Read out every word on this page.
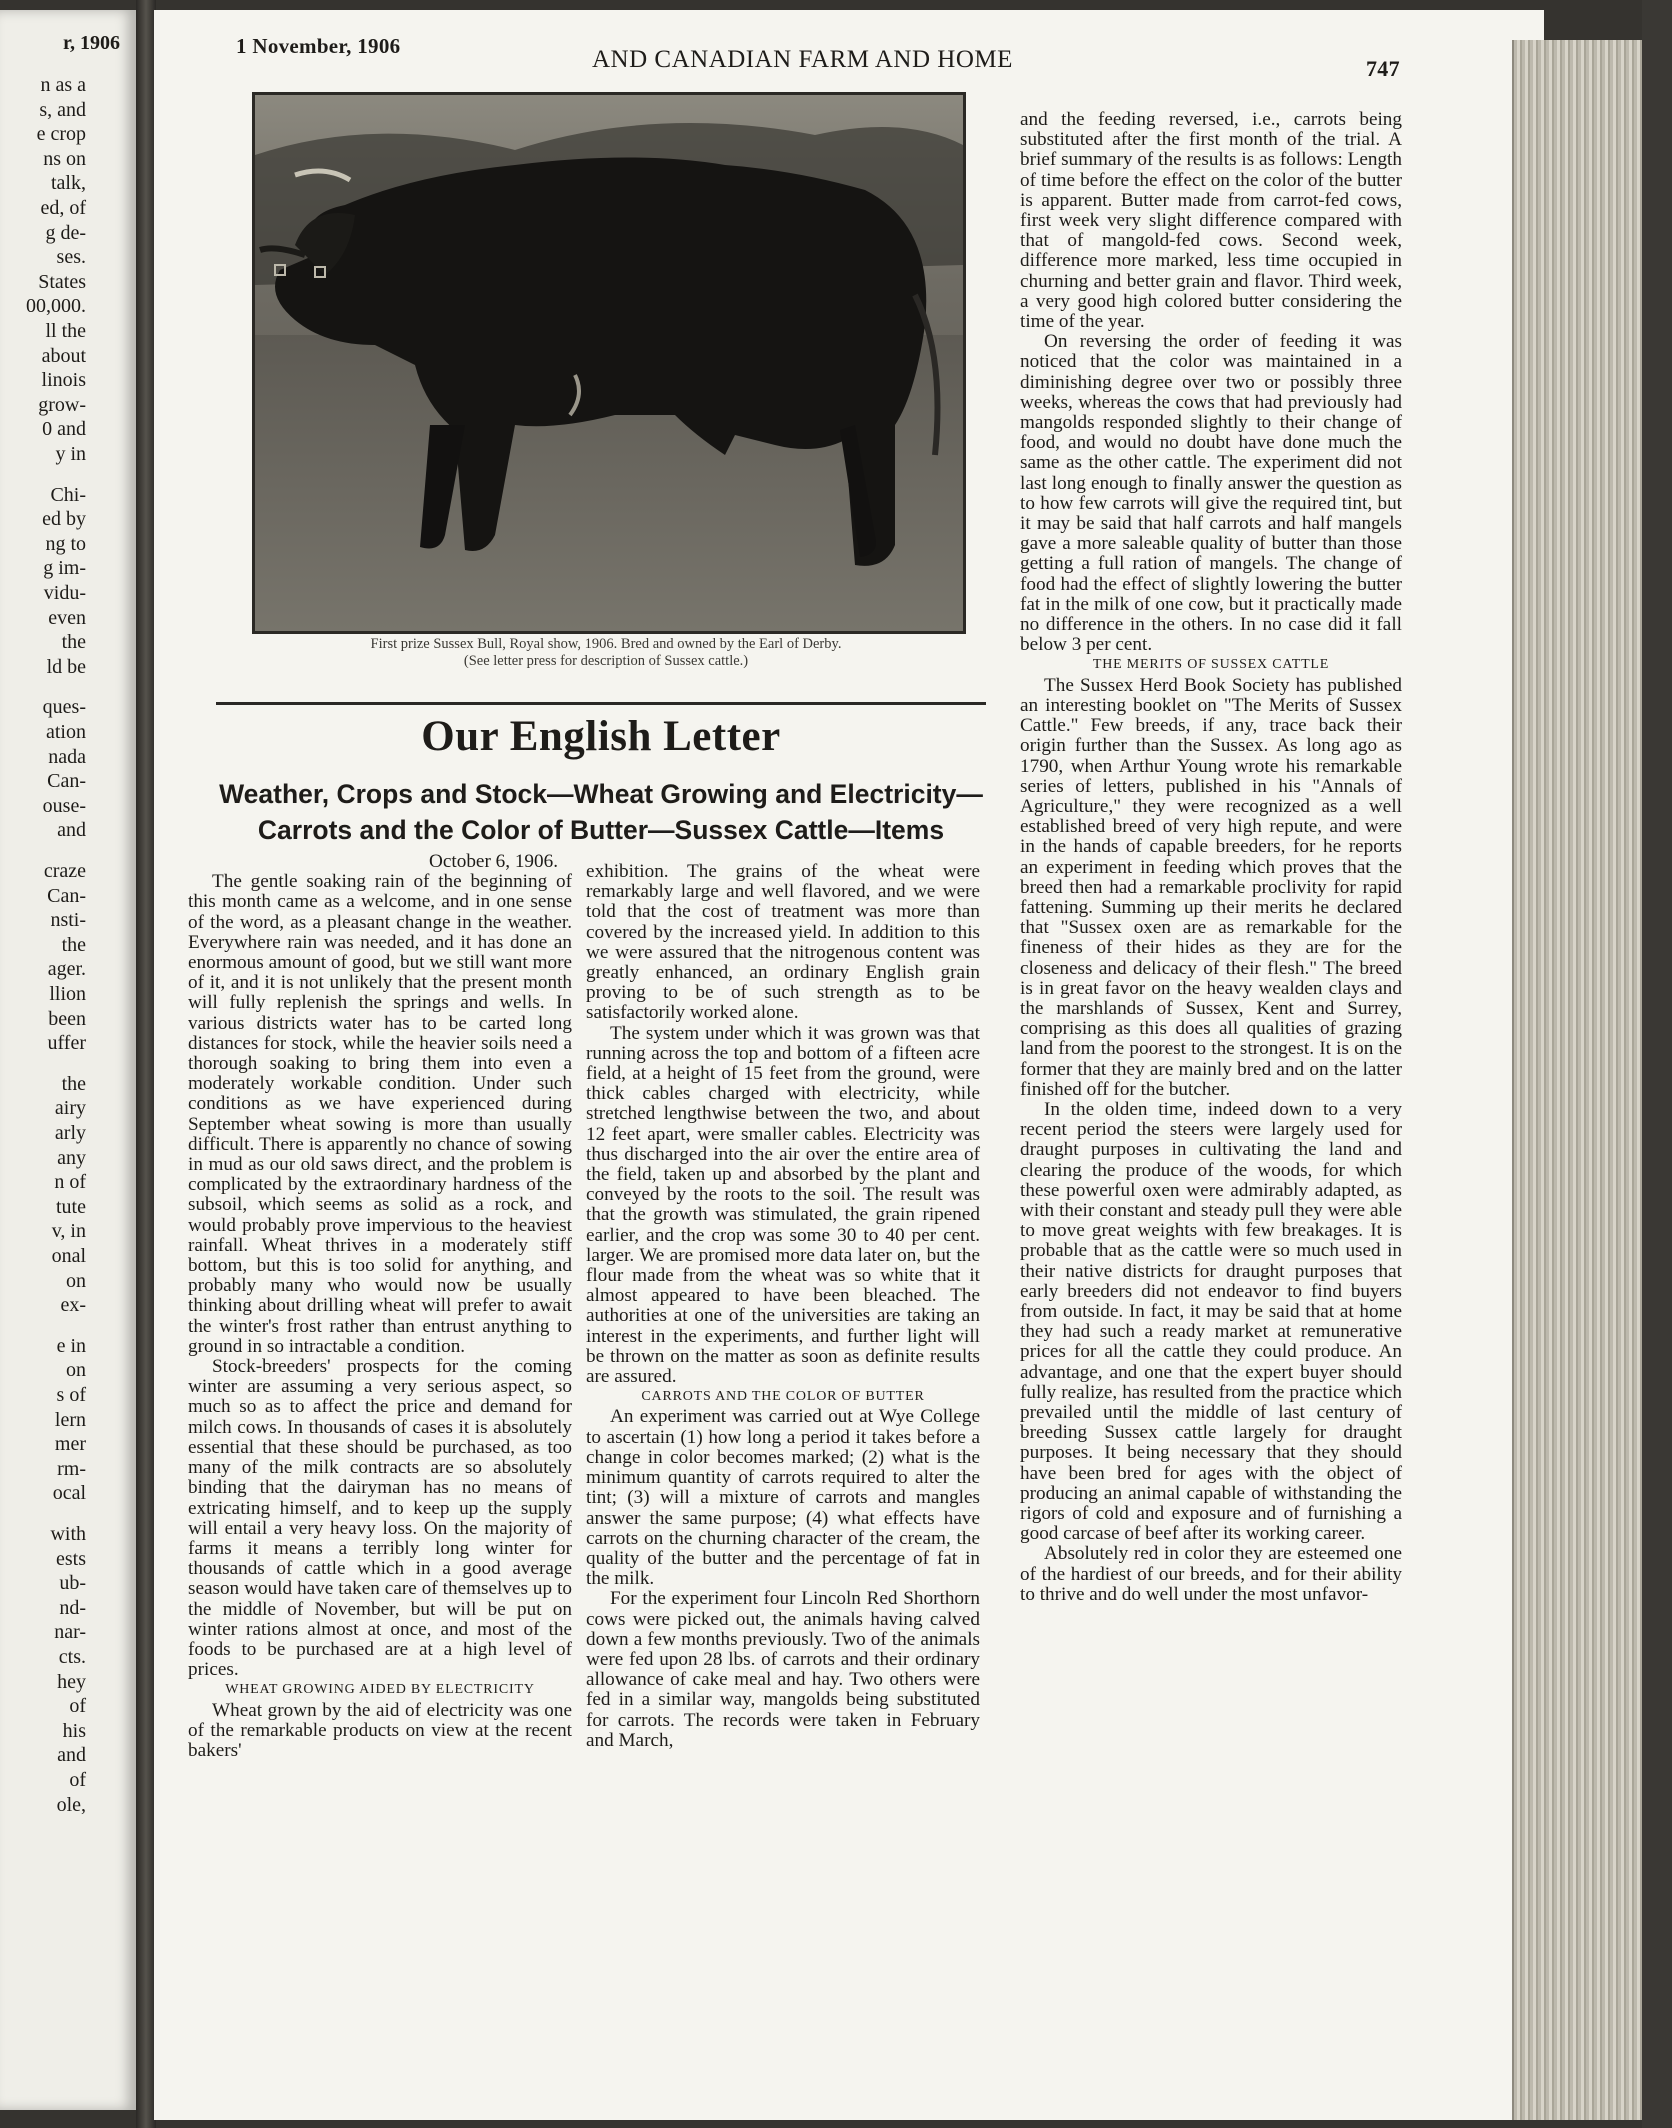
r, 1906
n as a
s, and
e crop
ns on
talk,
ed, of
g de-
ses.
States
00,000.
ll the
about
linois
grow-
0 and
y in
Chi-
ed by
ng to
g im-
vidu-
even
the
ld be
ques-
ation
nada
Can-
ouse-
and
craze
Can-
nsti-
the
ager.
llion
been
uffer
the
airy
arly
any
n of
tute
v, in
onal
on
ex-
e in
on
s of
lern
mer
rm-
ocal
with
ests
ub-
nd-
nar-
cts.
hey
of
his
and
of
ole,
1 November, 1906	AND CANADIAN FARM AND HOME	747
First prize Sussex Bull, Royal show, 1906. Bred and owned by the Earl of Derby.
(See letter press for description of Sussex cattle.)
Our English Letter
Weather, Crops and Stock—Wheat Growing and Electricity—
Carrots and the Color of Butter—Sussex Cattle—Items

October 6, 1906.

The gentle soaking rain of the beginning of this month came as a welcome, and in one sense of the word, as a pleasant change in the weather. Everywhere rain was needed, and it has done an enormous amount of good, but we still want more of it, and it is not unlikely that the present month will fully replenish the springs and wells. In various districts water has to be carted long distances for stock, while the heavier soils need a thorough soaking to bring them into even a moderately workable condition. Under such conditions as we have experienced during September wheat sowing is more than usually difficult. There is apparently no chance of sowing in mud as our old saws direct, and the problem is complicated by the extraordinary hardness of the subsoil, which seems as solid as a rock, and would probably prove impervious to the heaviest rainfall. Wheat thrives in a moderately stiff bottom, but this is too solid for anything, and probably many who would now be usually thinking about drilling wheat will prefer to await the winter's frost rather than entrust anything to ground in so intractable a condition.

Stock-breeders' prospects for the coming winter are assuming a very serious aspect, so much so as to affect the price and demand for milch cows. In thousands of cases it is absolutely essential that these should be purchased, as too many of the milk contracts are so absolutely binding that the dairyman has no means of extricating himself, and to keep up the supply will entail a very heavy loss. On the majority of farms it means a terribly long winter for thousands of cattle which in a good average season would have taken care of themselves up to the middle of November, but will be put on winter rations almost at once, and most of the foods to be purchased are at a high level of prices.

WHEAT GROWING AIDED BY ELECTRICITY

Wheat grown by the aid of electricity was one of the remarkable products on view at the recent bakers'

exhibition. The grains of the wheat were remarkably large and well flavored, and we were told that the cost of treatment was more than covered by the increased yield. In addition to this we were assured that the nitrogenous content was greatly enhanced, an ordinary English grain proving to be of such strength as to be satisfactorily worked alone.

The system under which it was grown was that running across the top and bottom of a fifteen acre field, at a height of 15 feet from the ground, were thick cables charged with electricity, while stretched lengthwise between the two, and about 12 feet apart, were smaller cables. Electricity was thus discharged into the air over the entire area of the field, taken up and absorbed by the plant and conveyed by the roots to the soil. The result was that the growth was stimulated, the grain ripened earlier, and the crop was some 30 to 40 per cent. larger. We are promised more data later on, but the flour made from the wheat was so white that it almost appeared to have been bleached. The authorities at one of the universities are taking an interest in the experiments, and further light will be thrown on the matter as soon as definite results are assured.

CARROTS AND THE COLOR OF BUTTER

An experiment was carried out at Wye College to ascertain (1) how long a period it takes before a change in color becomes marked; (2) what is the minimum quantity of carrots required to alter the tint; (3) will a mixture of carrots and mangles answer the same purpose; (4) what effects have carrots on the churning character of the cream, the quality of the butter and the percentage of fat in the milk.

For the experiment four Lincoln Red Shorthorn cows were picked out, the animals having calved down a few months previously. Two of the animals were fed upon 28 lbs. of carrots and their ordinary allowance of cake meal and hay. Two others were fed in a similar way, mangolds being substituted for carrots. The records were taken in February and March,

and the feeding reversed, i.e., carrots being substituted after the first month of the trial. A brief summary of the results is as follows: Length of time before the effect on the color of the butter is apparent. Butter made from carrot-fed cows, first week very slight difference compared with that of mangold-fed cows. Second week, difference more marked, less time occupied in churning and better grain and flavor. Third week, a very good high colored butter considering the time of the year.

On reversing the order of feeding it was noticed that the color was maintained in a diminishing degree over two or possibly three weeks, whereas the cows that had previously had mangolds responded slightly to their change of food, and would no doubt have done much the same as the other cattle. The experiment did not last long enough to finally answer the question as to how few carrots will give the required tint, but it may be said that half carrots and half mangels gave a more saleable quality of butter than those getting a full ration of mangels. The change of food had the effect of slightly lowering the butter fat in the milk of one cow, but it practically made no difference in the others. In no case did it fall below 3 per cent.

THE MERITS OF SUSSEX CATTLE

The Sussex Herd Book Society has published an interesting booklet on "The Merits of Sussex Cattle." Few breeds, if any, trace back their origin further than the Sussex. As long ago as 1790, when Arthur Young wrote his remarkable series of letters, published in his "Annals of Agriculture," they were recognized as a well established breed of very high repute, and were in the hands of capable breeders, for he reports an experiment in feeding which proves that the breed then had a remarkable proclivity for rapid fattening. Summing up their merits he declared that "Sussex oxen are as remarkable for the fineness of their hides as they are for the closeness and delicacy of their flesh." The breed is in great favor on the heavy wealden clays and the marshlands of Sussex, Kent and Surrey, comprising as this does all qualities of grazing land from the poorest to the strongest. It is on the former that they are mainly bred and on the latter finished off for the butcher.

In the olden time, indeed down to a very recent period the steers were largely used for draught purposes in cultivating the land and clearing the produce of the woods, for which these powerful oxen were admirably adapted, as with their constant and steady pull they were able to move great weights with few breakages. It is probable that as the cattle were so much used in their native districts for draught purposes that early breeders did not endeavor to find buyers from outside. In fact, it may be said that at home they had such a ready market at remunerative prices for all the cattle they could produce. An advantage, and one that the expert buyer should fully realize, has resulted from the practice which prevailed until the middle of last century of breeding Sussex cattle largely for draught purposes. It being necessary that they should have been bred for ages with the object of producing an animal capable of withstanding the rigors of cold and exposure and of furnishing a good carcase of beef after its working career.

Absolutely red in color they are esteemed one of the hardiest of our breeds, and for their ability to thrive and do well under the most unfavor-
